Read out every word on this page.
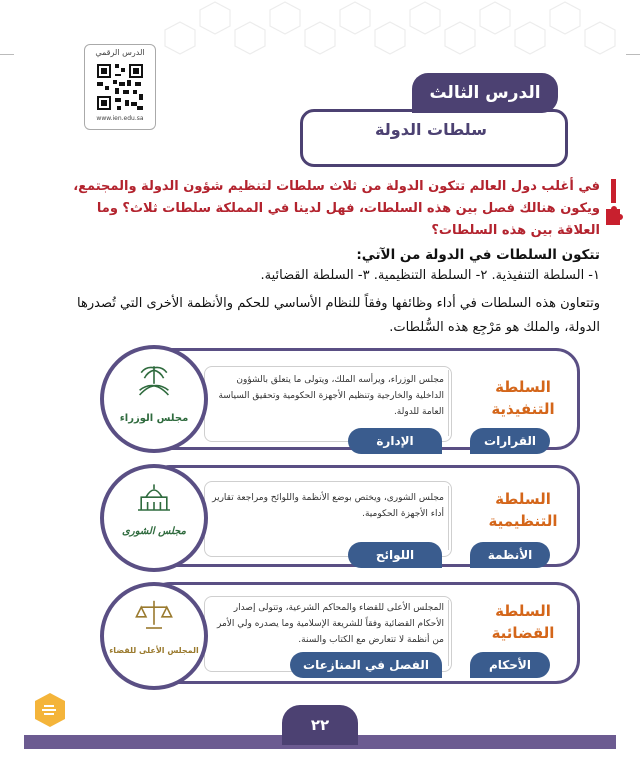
الدرس الرقمي
www.ien.edu.sa
الدرس الثالث
سلطات الدولة
في أغلب دول العالم تتكون الدولة من ثلاث سلطات لتنظيم شؤون الدولة والمجتمع، ويكون هنالك فصل بين هذه السلطات، فهل لدينا في المملكة سلطات ثلاث؟ وما العلاقة بين هذه السلطات؟
تتكون السلطات في الدولة من الآتي:
١- السلطة التنفيذية. ٢- السلطة التنظيمية. ٣- السلطة القضائية.
وتتعاون هذه السلطات في أداء وظائفها وفقاً للنظام الأساسي للحكم والأنظمة الأخرى التي تُصدرها الدولة، والملك هو مَرْجِع هذه السُّلطات.
مجلس الوزراء، ويرأسه الملك، ويتولى ما يتعلق بالشؤون الداخلية والخارجية وتنظيم الأجهزة الحكومية وتحقيق السياسة العامة للدولة.
السلطة
التنفيذية
القرارات
الإدارة
مجلس الوزراء
مجلس الشورى، ويختص بوضع الأنظمة واللوائح ومراجعة تقارير أداء الأجهزة الحكومية.
السلطة
التنظيمية
الأنظمة
اللوائح
مجلس الشورى
المجلس الأعلى للقضاء والمحاكم الشرعية، وتتولى إصدار الأحكام القضائية وفقاً للشريعة الإسلامية وما يصدره ولي الأمر من أنظمة لا تتعارض مع الكتاب والسنة.
السلطة
القضائية
الأحكام
الفصل في المنازعات
المجلس الأعلى للقضاء
٢٢
